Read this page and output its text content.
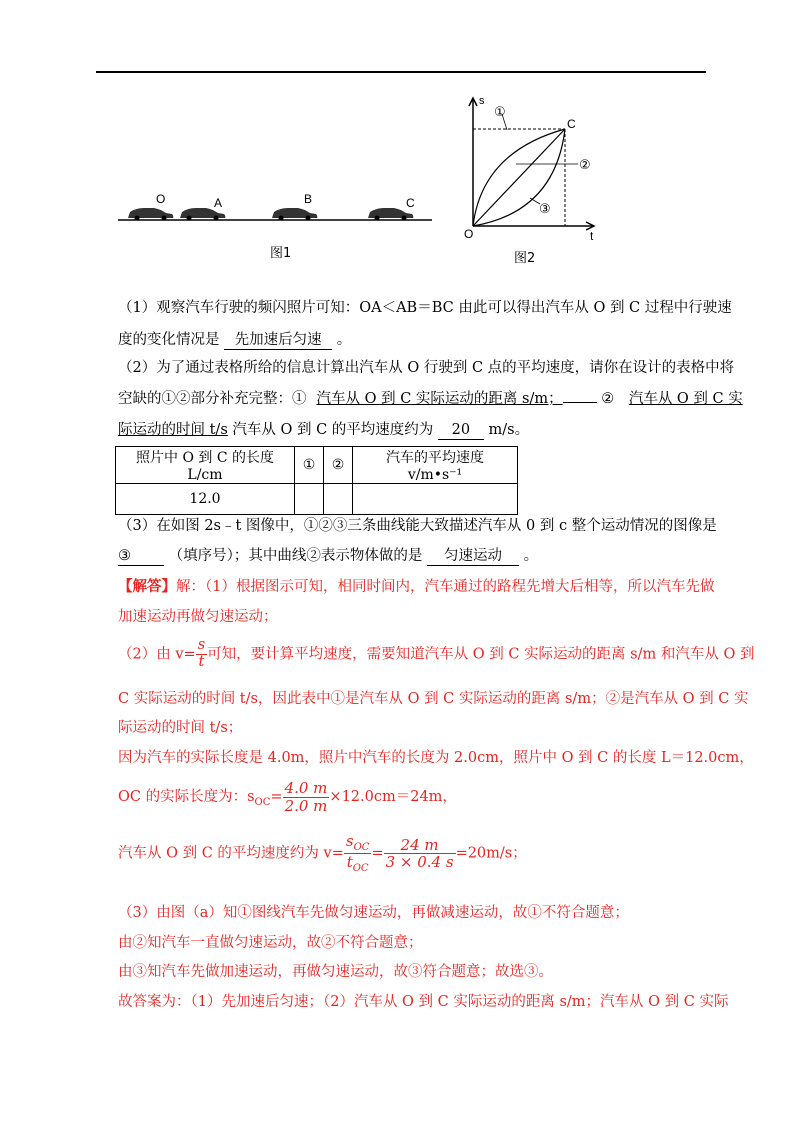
O	A	B	C
图1
s
t
O
C
①
②
③
图2
（1）观察汽车行驶的频闪照片可知：OA＜AB＝BC 由此可以得出汽车从 O 到 C 过程中行驶速
度的变化情况是 先加速后匀速 。
（2）为了通过表格所给的信息计算出汽车从 O 行驶到 C 点的平均速度，请你在设计的表格中将
空缺的①②部分补充完整：① 汽车从 O 到 C 实际运动的距离 s/m；	② 汽车从 O 到 C 实
际运动的时间 t/s 汽车从 O 到 C 的平均速度约为 20 m/s。
照片中 O 到 C 的长度 L/cm	①	②	汽车的平均速度 v/m•s⁻¹
12.0			
（3）在如图 2s﹣t 图像中，①②③三条曲线能大致描述汽车从 0 到 c 整个运动情况的图像是
③	（填序号）；其中曲线②表示物体做的是 匀速运动 。
【解答】解：（1）根据图示可知，相同时间内，汽车通过的路程先增大后相等，所以汽车先做
加速运动再做匀速运动；
（2）由 $v= \frac{s}{t}$ 可知，要计算平均速度，需要知道汽车从 O 到 C 实际运动的距离 s/m 和汽车从 O 到
C 实际运动的时间 t/s，因此表中①是汽车从 O 到 C 实际运动的距离 s/m；②是汽车从 O 到 C 实
际运动的时间 t/s；
因为汽车的实际长度是 4.0m，照片中汽车的长度为 2.0cm，照片中 O 到 C 的长度 L＝12.0cm，
OC 的实际长度为：$s_{OC}= \frac{4.0 m}{2.0 m} \times 12.0cm=24m$，
汽车从 O 到 C 的平均速度约为 $v= \frac{s_{OC}}{t_{OC}} = \frac{24 m}{3 \times 0.4 s} =20m/s$；
（3）由图（a）知①图线汽车先做匀速运动，再做减速运动，故①不符合题意；
由②知汽车一直做匀速运动，故②不符合题意；
由③知汽车先做加速运动，再做匀速运动，故③符合题意；故选③。
故答案为：（1）先加速后匀速；（2）汽车从 O 到 C 实际运动的距离 s/m；汽车从 O 到 C 实际
